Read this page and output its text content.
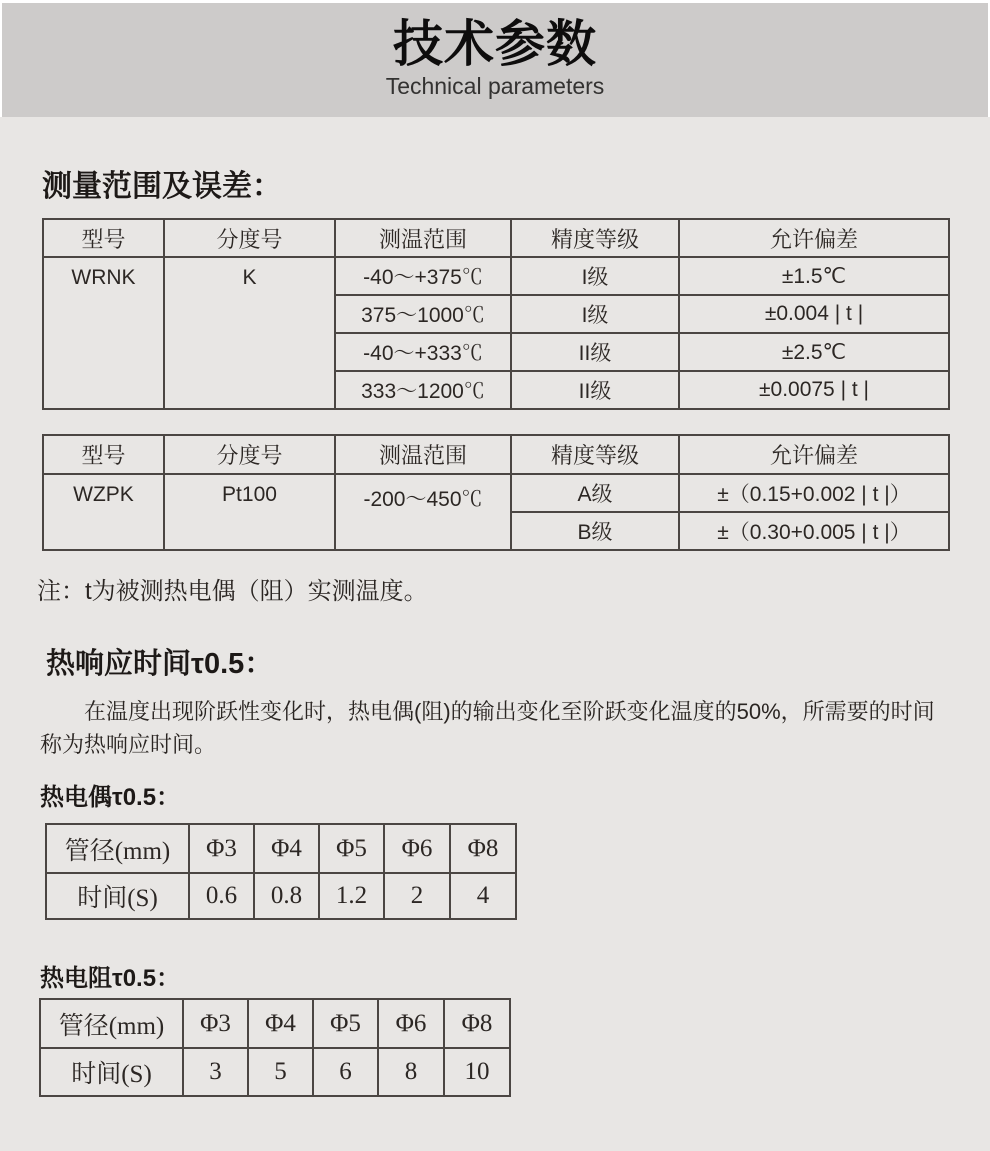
技术参数
Technical parameters
测量范围及误差：
型号	分度号	测温范围	精度等级	允许偏差
WRNK	K	-40～+375℃	I级	±1.5℃
		375～1000℃	I级	±0.004 | t |
		-40～+333℃	II级	±2.5℃
		333～1200℃	II级	±0.0075 | t |
型号	分度号	测温范围	精度等级	允许偏差
WZPK	Pt100	-200～450℃	A级	±（0.15+0.002 | t |）
			B级	±（0.30+0.005 | t |）
注：t为被测热电偶（阻）实测温度。
热响应时间τ0.5：
在温度出现阶跃性变化时，热电偶(阻)的输出变化至阶跃变化温度的50%，所需要的时间称为热响应时间。
热电偶τ0.5：
管径(mm)	Φ3	Φ4	Φ5	Φ6	Φ8
时间(S)	0.6	0.8	1.2	2	4
热电阻τ0.5：
管径(mm)	Φ3	Φ4	Φ5	Φ6	Φ8
时间(S)	3	5	6	8	10
